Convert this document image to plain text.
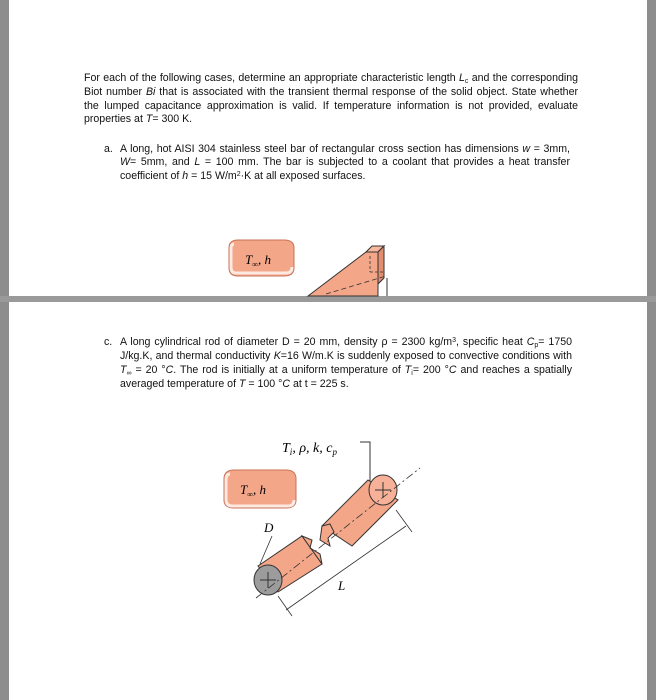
For each of the following cases, determine an appropriate characteristic length $L_c$ and the corresponding Biot number Bi that is associated with the transient thermal response of the solid object. State whether the lumped capacitance approximation is valid. If temperature information is not provided, evaluate properties at T= 300 K.

a. A long, hot AISI 304 stainless steel bar of rectangular cross section has dimensions w = 3mm, W= 5mm, and L = 100 mm. The bar is subjected to a coolant that provides a heat transfer coefficient of h = 15 $W/m^2\cdot K$ at all exposed surfaces.

$T_\infty$, h

c. A long cylindrical rod of diameter D = 20 mm, density ρ = 2300 $kg/m^3$, specific heat $C_p= 1750$ J/kg.K, and thermal conductivity K=16 W/m.K is suddenly exposed to convective conditions with $T_\infty = 20$ °C. The rod is initially at a uniform temperature of $T_i= 200$ °C and reaches a spatially averaged temperature of T = 100 °C at t = 225 s.

$T_i$, ρ, k, $c_p$
$T_\infty$, h
D
L
